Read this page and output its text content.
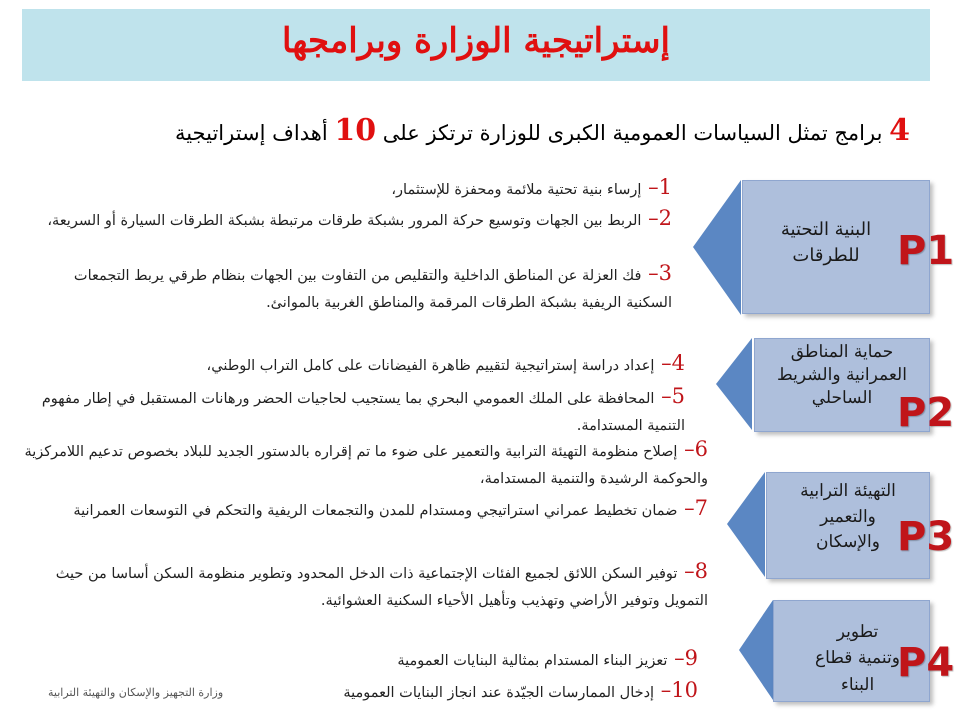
إستراتيجية الوزارة وبرامجها
4 برامج تمثل السياسات العمومية الكبرى للوزارة ترتكز على 10 أهداف إستراتيجية
البنية التحتية للطرقات P1
حماية المناطق العمرانية والشريط الساحلي P2
التهيئة الترابية والتعمير والإسكان P3
تطوير وتنمية قطاع البناء P4
1– إرساء بنية تحتية ملائمة ومحفزة للإستثمار،
2– الربط بين الجهات وتوسيع حركة المرور بشبكة طرقات مرتبطة بشبكة الطرقات السيارة أو السريعة،
3– فك العزلة عن المناطق الداخلية والتقليص من التفاوت بين الجهات بنظام طرقي يربط التجمعات السكنية الريفية بشبكة الطرقات المرقمة والمناطق الغربية بالموانئ.
4– إعداد دراسة إستراتيجية لتقييم ظاهرة الفيضانات على كامل التراب الوطني،
5– المحافظة على الملك العمومي البحري بما يستجيب لحاجيات الحضر ورهانات المستقبل في إطار مفهوم التنمية المستدامة.
6– إصلاح منظومة التهيئة الترابية والتعمير على ضوء ما تم إقراره بالدستور الجديد للبلاد بخصوص تدعيم اللامركزية والحوكمة الرشيدة والتنمية المستدامة،
7– ضمان تخطيط عمراني استراتيجي ومستدام للمدن والتجمعات الريفية والتحكم في التوسعات العمرانية
8– توفير السكن اللائق لجميع الفئات الإجتماعية ذات الدخل المحدود وتطوير منظومة السكن أساسا من حيث التمويل وتوفير الأراضي وتهذيب وتأهيل الأحياء السكنية العشوائية.
9– تعزيز البناء المستدام بمثالية البنايات العمومية
10– إدخال الممارسات الجيّدة عند انجاز البنايات العمومية
وزارة التجهيز والإسكان والتهيئة الترابية
